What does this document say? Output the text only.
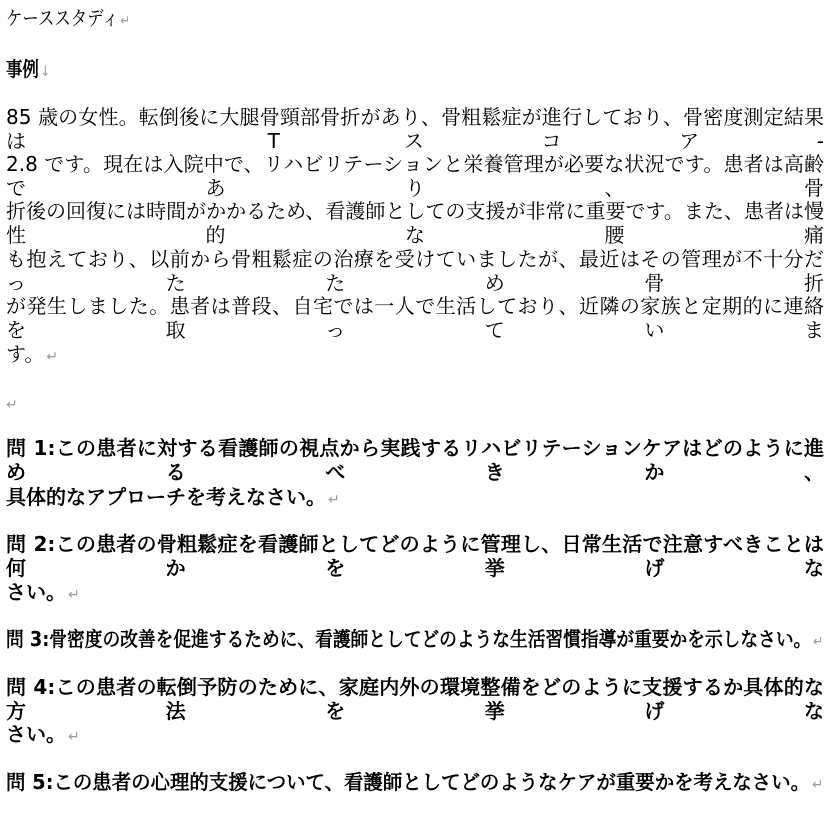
ケーススタディ ↵
事例 ↓
85 歳の女性。転倒後に大腿骨頸部骨折があり、骨粗鬆症が進行しており、骨密度測定結果は T スコア-
2.8 です。現在は入院中で、リハビリテーションと栄養管理が必要な状況です。患者は高齢であり、骨
折後の回復には時間がかかるため、看護師としての支援が非常に重要です。また、患者は慢性的な腰痛
も抱えており、以前から骨粗鬆症の治療を受けていましたが、最近はその管理が不十分だったため骨折
が発生しました。患者は普段、自宅では一人で生活しており、近隣の家族と定期的に連絡を取っていま
す。 ↵
↵
問 1:この患者に対する看護師の視点から実践するリハビリテーションケアはどのように進めるべきか、
具体的なアプローチを考えなさい。 ↵
問 2:この患者の骨粗鬆症を看護師としてどのように管理し、日常生活で注意すべきことは何かを挙げな
さい。 ↵
問 3:骨密度の改善を促進するために、看護師としてどのような生活習慣指導が重要かを示しなさい。 ↵
問 4:この患者の転倒予防のために、家庭内外の環境整備をどのように支援するか具体的な方法を挙げな
さい。 ↵
問 5:この患者の心理的支援について、看護師としてどのようなケアが重要かを考えなさい。 ↵
